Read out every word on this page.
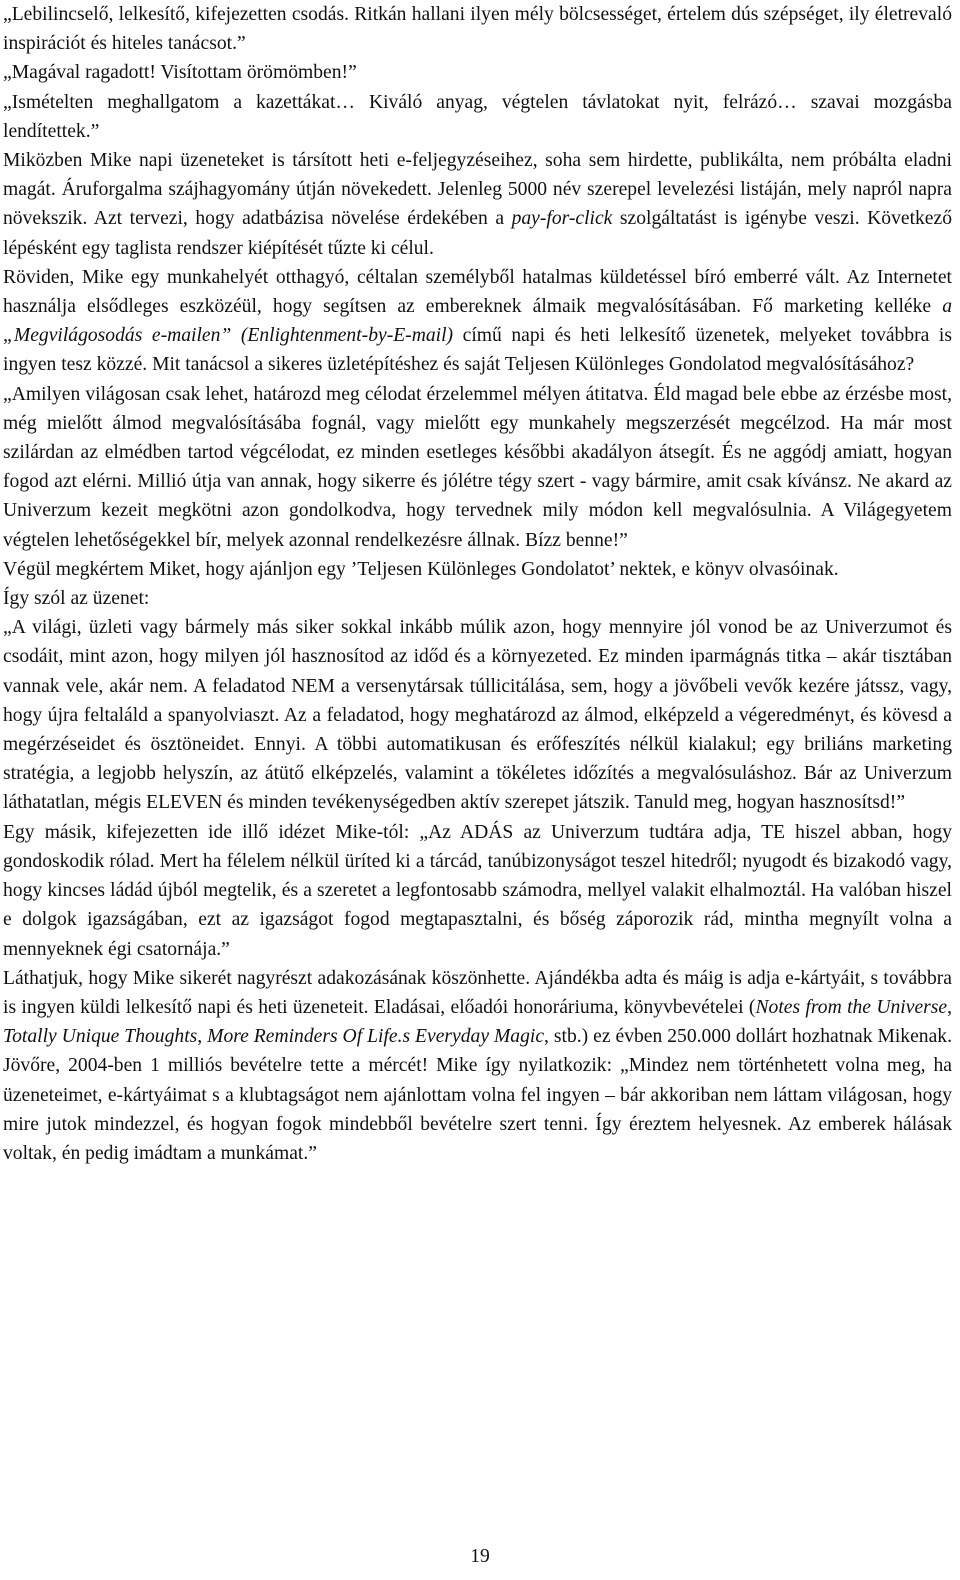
„Lebilincselő, lelkesítő, kifejezetten csodás. Ritkán hallani ilyen mély bölcsességet, értelem dús szépséget, ily életrevaló inspirációt és hiteles tanácsot.”

„Magával ragadott! Visítottam örömömben!”

„Ismételten meghallgatom a kazettákat… Kiváló anyag, végtelen távlatokat nyit, felrázó… szavai mozgásba lendítettek.”

Miközben Mike napi üzeneteket is társított heti e-feljegyzéseihez, soha sem hirdette, publikálta, nem próbálta eladni magát. Áruforgalma szájhagyomány útján növekedett. Jelenleg 5000 név szerepel levelezési listáján, mely napról napra növekszik. Azt tervezi, hogy adatbázisa növelése érdekében a pay-for-click szolgáltatást is igénybe veszi. Következő lépésként egy taglista rendszer kiépítését tűzte ki célul.

Röviden, Mike egy munkahelyét otthagyó, céltalan személyből hatalmas küldetéssel bíró emberré vált. Az Internetet használja elsődleges eszközéül, hogy segítsen az embereknek álmaik megvalósításában. Fő marketing kelléke a „Megvilágosodás e-mailen” (Enlightenment-by-E-mail) című napi és heti lelkesítő üzenetek, melyeket továbbra is ingyen tesz közzé. Mit tanácsol a sikeres üzletépítéshez és saját Teljesen Különleges Gondolatod megvalósításához?

„Amilyen világosan csak lehet, határozd meg célodat érzelemmel mélyen átitatva. Éld magad bele ebbe az érzésbe most, még mielőtt álmod megvalósításába fognál, vagy mielőtt egy munkahely megszerzését megcélzod. Ha már most szilárdan az elmédben tartod végcélodat, ez minden esetleges későbbi akadályon átsegít. És ne aggódj amiatt, hogyan fogod azt elérni. Millió útja van annak, hogy sikerre és jólétre tégy szert - vagy bármire, amit csak kívánsz. Ne akard az Univerzum kezeit megkötni azon gondolkodva, hogy tervednek mily módon kell megvalósulnia. A Világegyetem végtelen lehetőségekkel bír, melyek azonnal rendelkezésre állnak. Bízz benne!”

Végül megkértem Miket, hogy ajánljon egy ’Teljesen Különleges Gondolatot’ nektek, e könyv olvasóinak.

Így szól az üzenet:

„A világi, üzleti vagy bármely más siker sokkal inkább múlik azon, hogy mennyire jól vonod be az Univerzumot és csodáit, mint azon, hogy milyen jól hasznosítod az időd és a környezeted. Ez minden iparmágnás titka – akár tisztában vannak vele, akár nem. A feladatod NEM a versenytársak túllicitálása, sem, hogy a jövőbeli vevők kezére játssz, vagy, hogy újra feltaláld a spanyolviaszt. Az a feladatod, hogy meghatározd az álmod, elképzeld a végeredményt, és kövesd a megérzéseidet és ösztöneidet. Ennyi. A többi automatikusan és erőfeszítés nélkül kialakul; egy briliáns marketing stratégia, a legjobb helyszín, az átütő elképzelés, valamint a tökéletes időzítés a megvalósuláshoz. Bár az Univerzum láthatatlan, mégis ELEVEN és minden tevékenységedben aktív szerepet játszik. Tanuld meg, hogyan hasznosítsd!”

Egy másik, kifejezetten ide illő idézet Mike-tól: „Az ADÁS az Univerzum tudtára adja, TE hiszel abban, hogy gondoskodik rólad. Mert ha félelem nélkül üríted ki a tárcád, tanúbizonyságot teszel hitedről; nyugodt és bizakodó vagy, hogy kincses ládád újból megtelik, és a szeretet a legfontosabb számodra, mellyel valakit elhalmoztál. Ha valóban hiszel e dolgok igazságában, ezt az igazságot fogod megtapasztalni, és bőség záporozik rád, mintha megnyílt volna a mennyeknek égi csatornája.”

Láthatjuk, hogy Mike sikerét nagyrészt adakozásának köszönhette. Ajándékba adta és máig is adja e-kártyáit, s továbbra is ingyen küldi lelkesítő napi és heti üzeneteit. Eladásai, előadói honoráriuma, könyvbevételei (Notes from the Universe, Totally Unique Thoughts, More Reminders Of Life.s Everyday Magic, stb.) ez évben 250.000 dollárt hozhatnak Mikenak. Jövőre, 2004-ben 1 milliós bevételre tette a mércét! Mike így nyilatkozik: „Mindez nem történhetett volna meg, ha üzeneteimet, e-kártyáimat s a klubtagságot nem ajánlottam volna fel ingyen – bár akkoriban nem láttam világosan, hogy mire jutok mindezzel, és hogyan fogok mindebből bevételre szert tenni. Így éreztem helyesnek. Az emberek hálásak voltak, én pedig imádtam a munkámat.”

19
